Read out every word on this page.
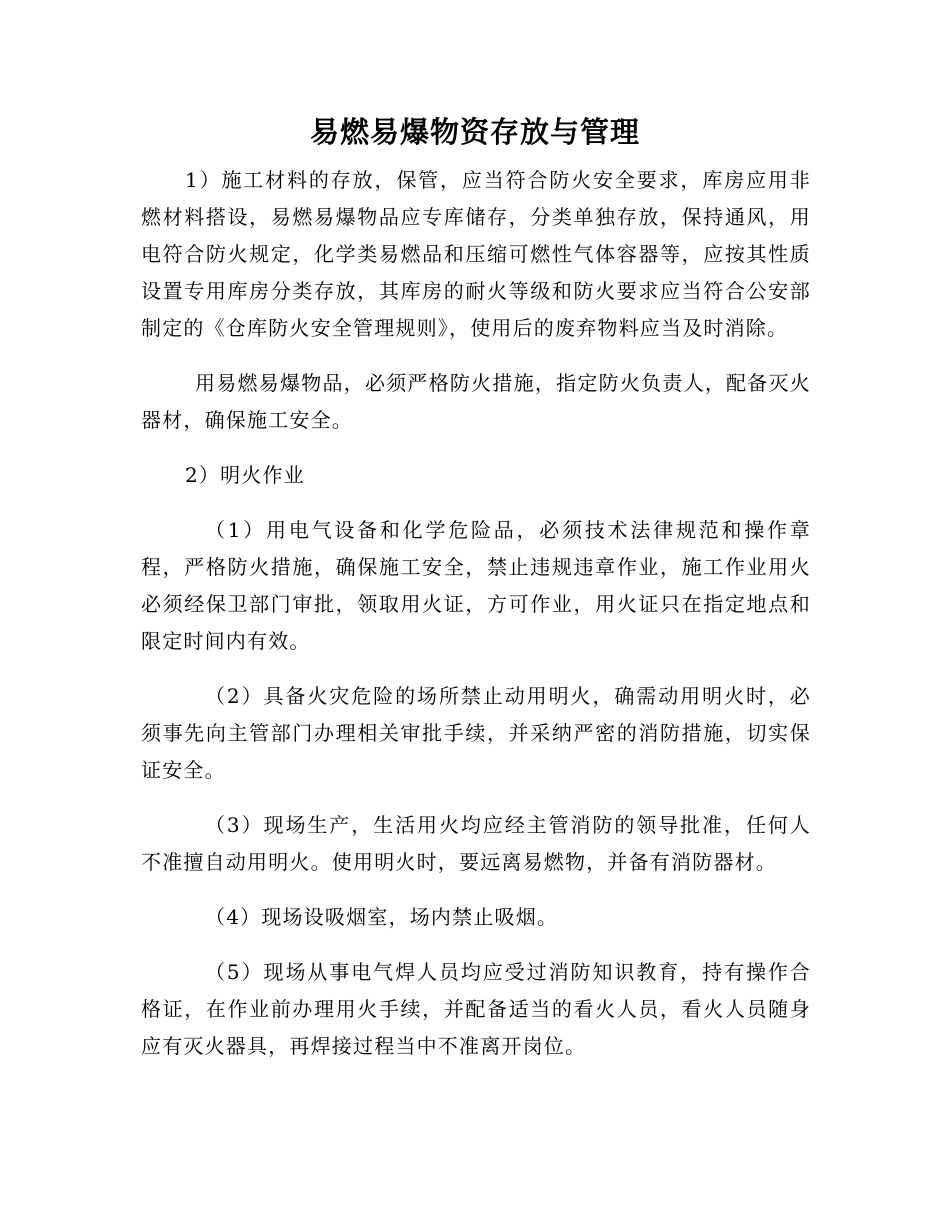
易燃易爆物资存放与管理

1）施工材料的存放，保管，应当符合防火安全要求，库房应用非燃材料搭设，易燃易爆物品应专库储存，分类单独存放，保持通风，用电符合防火规定，化学类易燃品和压缩可燃性气体容器等，应按其性质设置专用库房分类存放，其库房的耐火等级和防火要求应当符合公安部制定的《仓库防火安全管理规则》，使用后的废弃物料应当及时消除。

用易燃易爆物品，必须严格防火措施，指定防火负责人，配备灭火器材，确保施工安全。

2）明火作业

（1）用电气设备和化学危险品，必须技术法律规范和操作章程，严格防火措施，确保施工安全，禁止违规违章作业，施工作业用火必须经保卫部门审批，领取用火证，方可作业，用火证只在指定地点和限定时间内有效。

（2）具备火灾危险的场所禁止动用明火，确需动用明火时，必须事先向主管部门办理相关审批手续，并采纳严密的消防措施，切实保证安全。

（3）现场生产，生活用火均应经主管消防的领导批准，任何人不准擅自动用明火。使用明火时，要远离易燃物，并备有消防器材。

（4）现场设吸烟室，场内禁止吸烟。

（5）现场从事电气焊人员均应受过消防知识教育，持有操作合格证，在作业前办理用火手续，并配备适当的看火人员，看火人员随身应有灭火器具，再焊接过程当中不准离开岗位。
